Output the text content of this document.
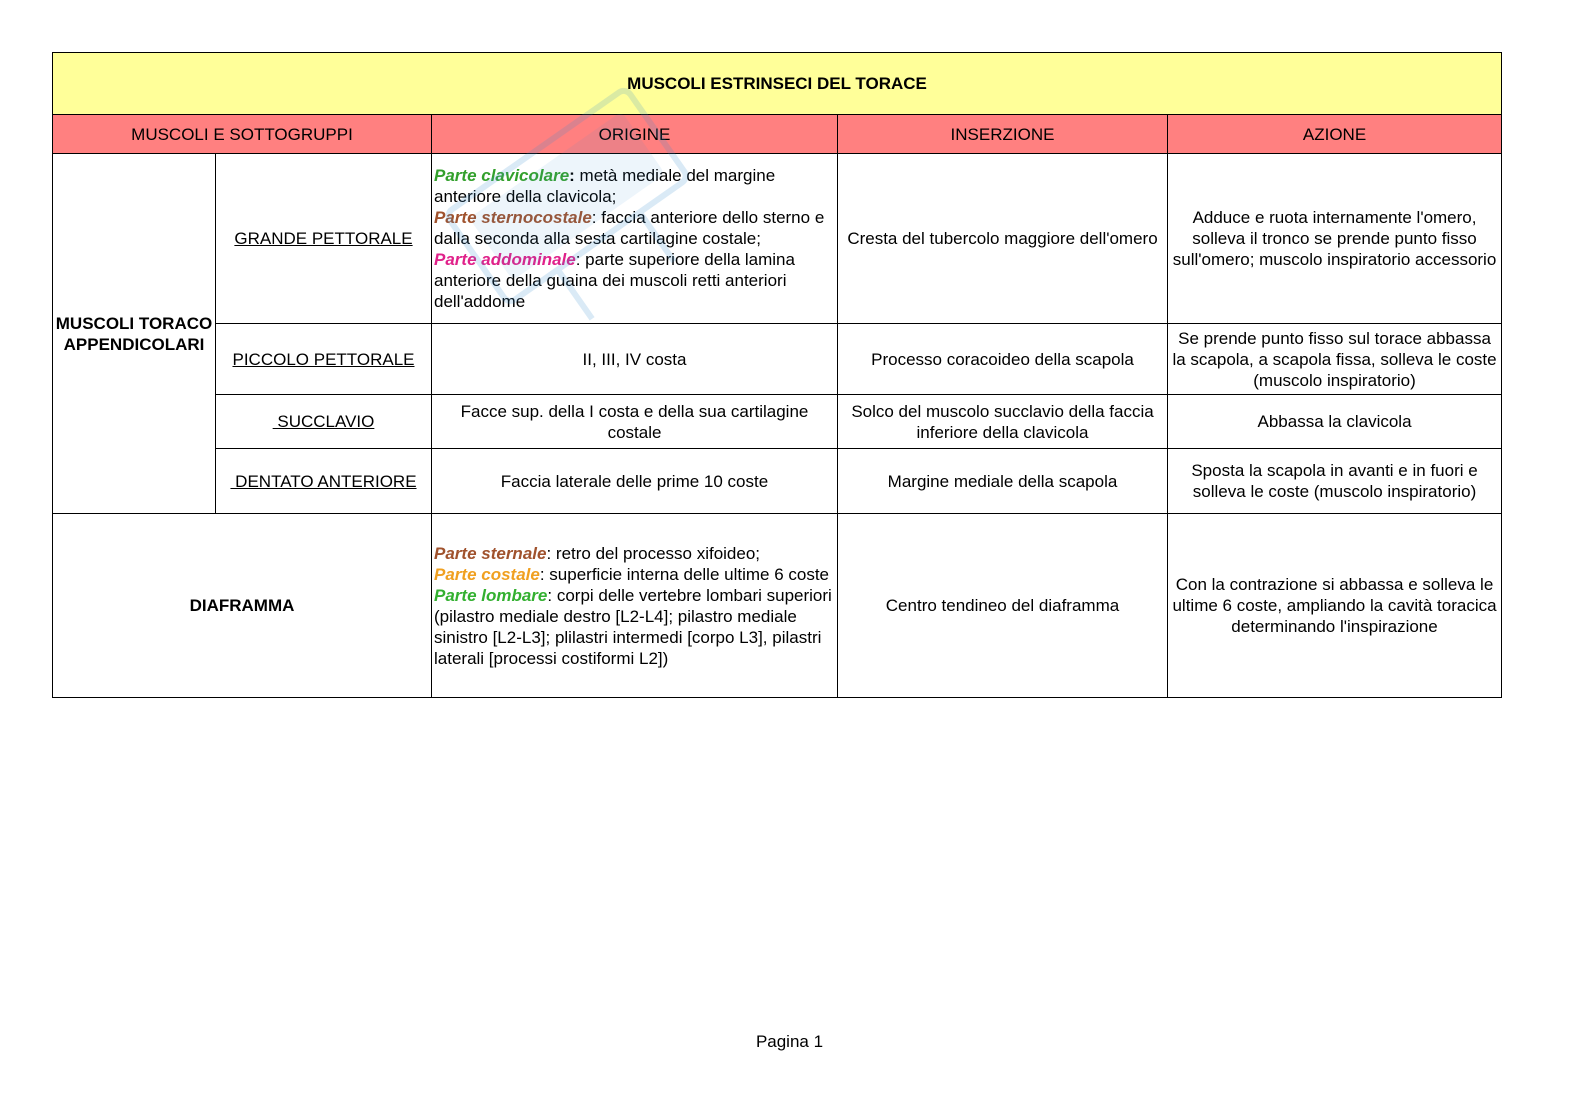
MUSCOLI ESTRINSECI DEL TORACE				
MUSCOLI E SOTTOGRUPPI		ORIGINE	INSERZIONE	AZIONE
MUSCOLI TORACOAPPENDICOLARI	GRANDE PETTORALE	Parte clavicolare: metà mediale del margine anteriore della clavicola;
Parte sternocostale: faccia anteriore dello sterno e dalla seconda alla sesta cartilagine costale;
Parte addominale: parte superiore della lamina anteriore della guaina dei muscoli retti anteriori dell'addome	Cresta del tubercolo maggiore dell'omero	Adduce e ruota internamente l'omero, solleva il tronco se prende punto fisso sull'omero; muscolo inspiratorio accessorio
	PICCOLO PETTORALE	II, III, IV costa	Processo coracoideo della scapola	Se prende punto fisso sul torace abbassa la scapola, a scapola fissa, solleva le coste (muscolo inspiratorio)
	SUCCLAVIO	Facce sup. della I costa e della sua cartilagine costale	Solco del muscolo succlavio della faccia inferiore della clavicola	Abbassa la clavicola
	DENTATO ANTERIORE	Faccia laterale delle prime 10 coste	Margine mediale della scapola	Sposta la scapola in avanti e in fuori e solleva le coste (muscolo inspiratorio)
DIAFRAMMA		Parte sternale: retro del processo xifoideo;
Parte costale: superficie interna delle ultime 6 coste
Parte lombare: corpi delle vertebre lombari superiori (pilastro mediale destro [L2-L4]; pilastro mediale sinistro [L2-L3]; plilastri intermedi [corpo L3], pilastri laterali [processi costiformi L2])	Centro tendineo del diaframma	Con la contrazione si abbassa e solleva le ultime 6 coste, ampliando la cavità toracica determinando l'inspirazione
Pagina 1
